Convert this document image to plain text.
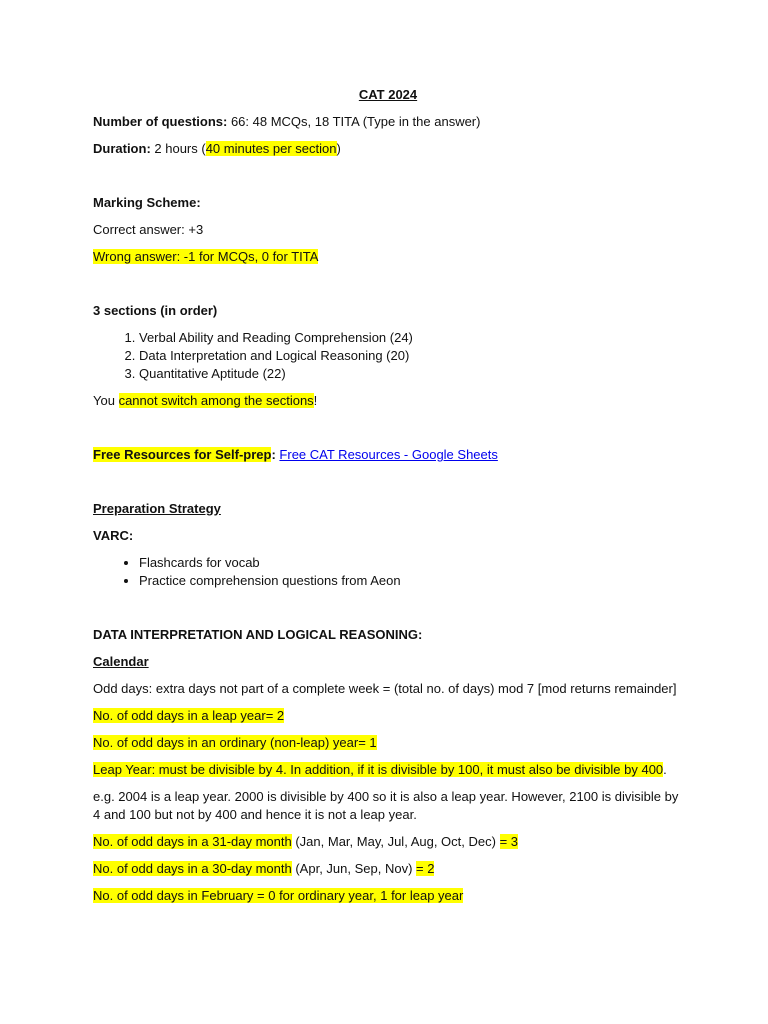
CAT 2024

Number of questions: 66: 48 MCQs, 18 TITA (Type in the answer)

Duration: 2 hours (40 minutes per section)

Marking Scheme:

Correct answer: +3

Wrong answer: -1 for MCQs, 0 for TITA

3 sections (in order)

1. Verbal Ability and Reading Comprehension (24)
2. Data Interpretation and Logical Reasoning (20)
3. Quantitative Aptitude (22)

You cannot switch among the sections!

Free Resources for Self-prep: Free CAT Resources - Google Sheets

Preparation Strategy

VARC:

• Flashcards for vocab
• Practice comprehension questions from Aeon

DATA INTERPRETATION AND LOGICAL REASONING:

Calendar

Odd days: extra days not part of a complete week = (total no. of days) mod 7 [mod returns remainder]

No. of odd days in a leap year= 2

No. of odd days in an ordinary (non-leap) year= 1

Leap Year: must be divisible by 4. In addition, if it is divisible by 100, it must also be divisible by 400.

e.g. 2004 is a leap year. 2000 is divisible by 400 so it is also a leap year. However, 2100 is divisible by 4 and 100 but not by 400 and hence it is not a leap year.

No. of odd days in a 31-day month (Jan, Mar, May, Jul, Aug, Oct, Dec) = 3

No. of odd days in a 30-day month (Apr, Jun, Sep, Nov) = 2

No. of odd days in February = 0 for ordinary year, 1 for leap year
